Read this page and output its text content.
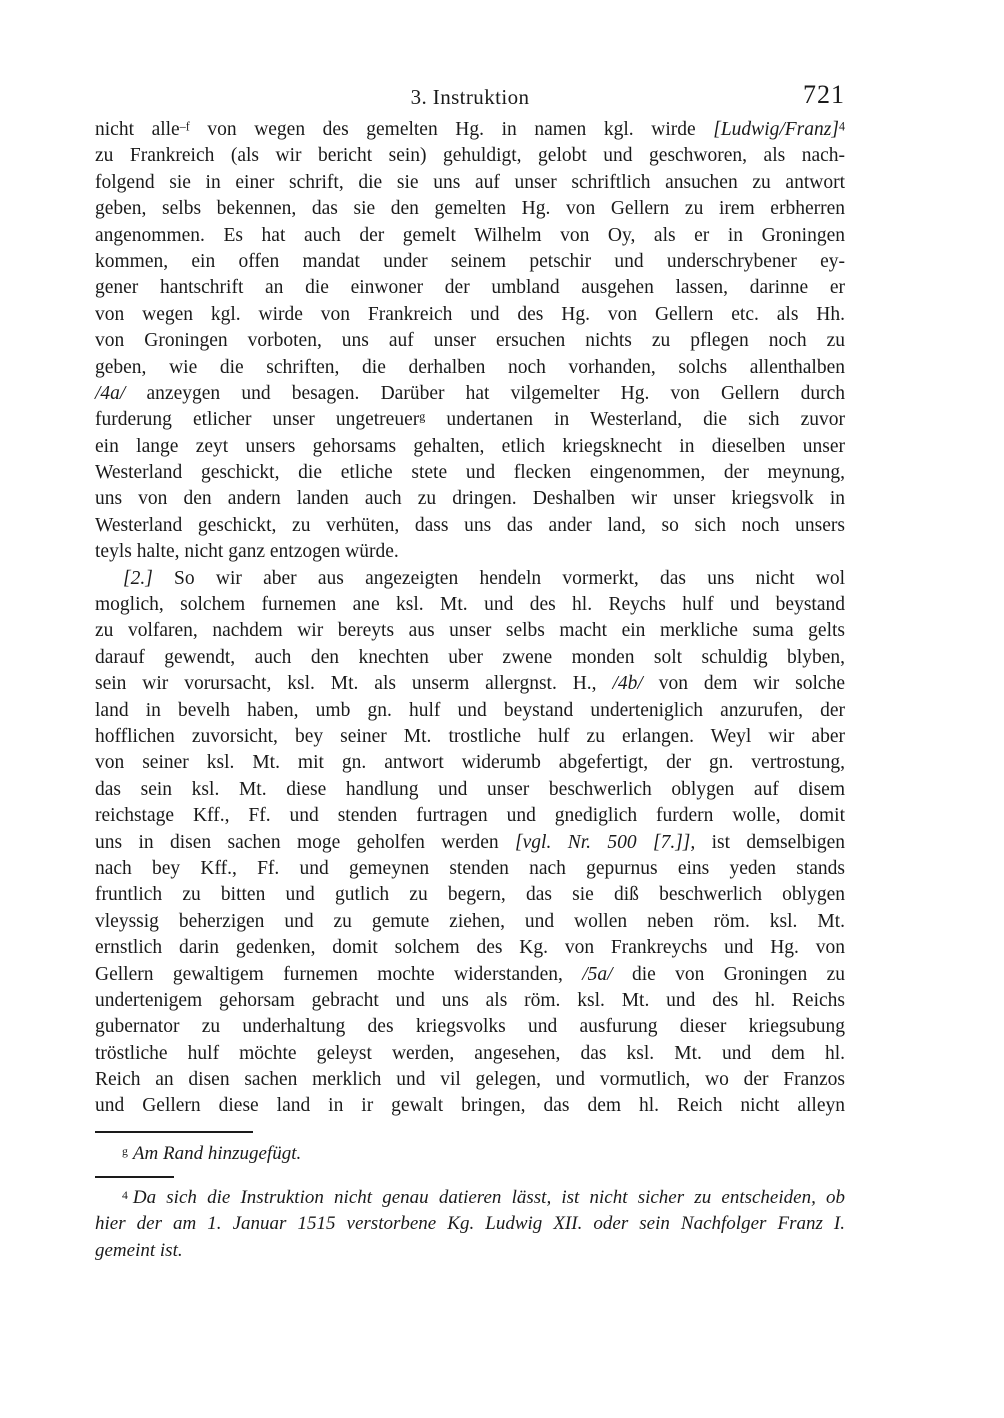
3. Instruktion	721
nicht alle$^{-f}$ von wegen des gemelten Hg. in namen kgl. wirde [Ludwig/Franz]$^4$
zu Frankreich (als wir bericht sein) gehuldigt, gelobt und geschworen, als nach-
folgend sie in einer schrift, die sie uns auf unser schriftlich ansuchen zu antwort
geben, selbs bekennen, das sie den gemelten Hg. von Gellern zu irem erbherren
angenommen. Es hat auch der gemelt Wilhelm von Oy, als er in Groningen
kommen, ein offen mandat under seinem petschir und underschrybener ey-
gener hantschrift an die einwoner der umbland ausgehen lassen, darinne er
von wegen kgl. wirde von Frankreich und des Hg. von Gellern etc. als Hh.
von Groningen vorboten, uns auf unser ersuchen nichts zu pflegen noch zu
geben, wie die schriften, die derhalben noch vorhanden, solchs allenthalben
/4a/ anzeygen und besagen. Darüber hat vilgemelter Hg. von Gellern durch
furderung etlicher unser ungetreuer$^g$ undertanen in Westerland, die sich zuvor
ein lange zeyt unsers gehorsams gehalten, etlich kriegsknecht in dieselben unser
Westerland geschickt, die etliche stete und flecken eingenommen, der meynung,
uns von den andern landen auch zu dringen. Deshalben wir unser kriegsvolk in
Westerland geschickt, zu verhüten, dass uns das ander land, so sich noch unsers
teyls halte, nicht ganz entzogen würde.
[2.] So wir aber aus angezeigten hendeln vormerkt, das uns nicht wol
moglich, solchem furnemen ane ksl. Mt. und des hl. Reychs hulf und beystand
zu volfaren, nachdem wir bereyts aus unser selbs macht ein merkliche suma gelts
darauf gewendt, auch den knechten uber zwene monden solt schuldig blyben,
sein wir vorursacht, ksl. Mt. als unserm allergnst. H., /4b/ von dem wir solche
land in bevelh haben, umb gn. hulf und beystand underteniglich anzurufen, der
hofflichen zuvorsicht, bey seiner Mt. trostliche hulf zu erlangen. Weyl wir aber
von seiner ksl. Mt. mit gn. antwort widerumb abgefertigt, der gn. vertrostung,
das sein ksl. Mt. diese handlung und unser beschwerlich oblygen auf disem
reichstage Kff., Ff. und stenden furtragen und gnediglich furdern wolle, domit
uns in disen sachen moge geholfen werden [vgl. Nr. 500 [7.]], ist demselbigen
nach bey Kff., Ff. und gemeynen stenden nach gepurnus eins yeden stands
fruntlich zu bitten und gutlich zu begern, das sie diß beschwerlich oblygen
vleyssig beherzigen und zu gemute ziehen, und wollen neben röm. ksl. Mt.
ernstlich darin gedenken, domit solchem des Kg. von Frankreychs und Hg. von
Gellern gewaltigem furnemen mochte widerstanden, /5a/ die von Groningen zu
undertenigem gehorsam gebracht und uns als röm. ksl. Mt. und des hl. Reichs
gubernator zu underhaltung des kriegsvolks und ausfurung dieser kriegsubung
tröstliche hulf möchte geleyst werden, angesehen, das ksl. Mt. und dem hl.
Reich an disen sachen merklich und vil gelegen, und vormutlich, wo der Franzos
und Gellern diese land in ir gewalt bringen, das dem hl. Reich nicht alleyn
$^g$ Am Rand hinzugefügt.
$^4$ Da sich die Instruktion nicht genau datieren lässt, ist nicht sicher zu entscheiden, ob
hier der am 1. Januar 1515 verstorbene Kg. Ludwig XII. oder sein Nachfolger Franz I.
gemeint ist.
